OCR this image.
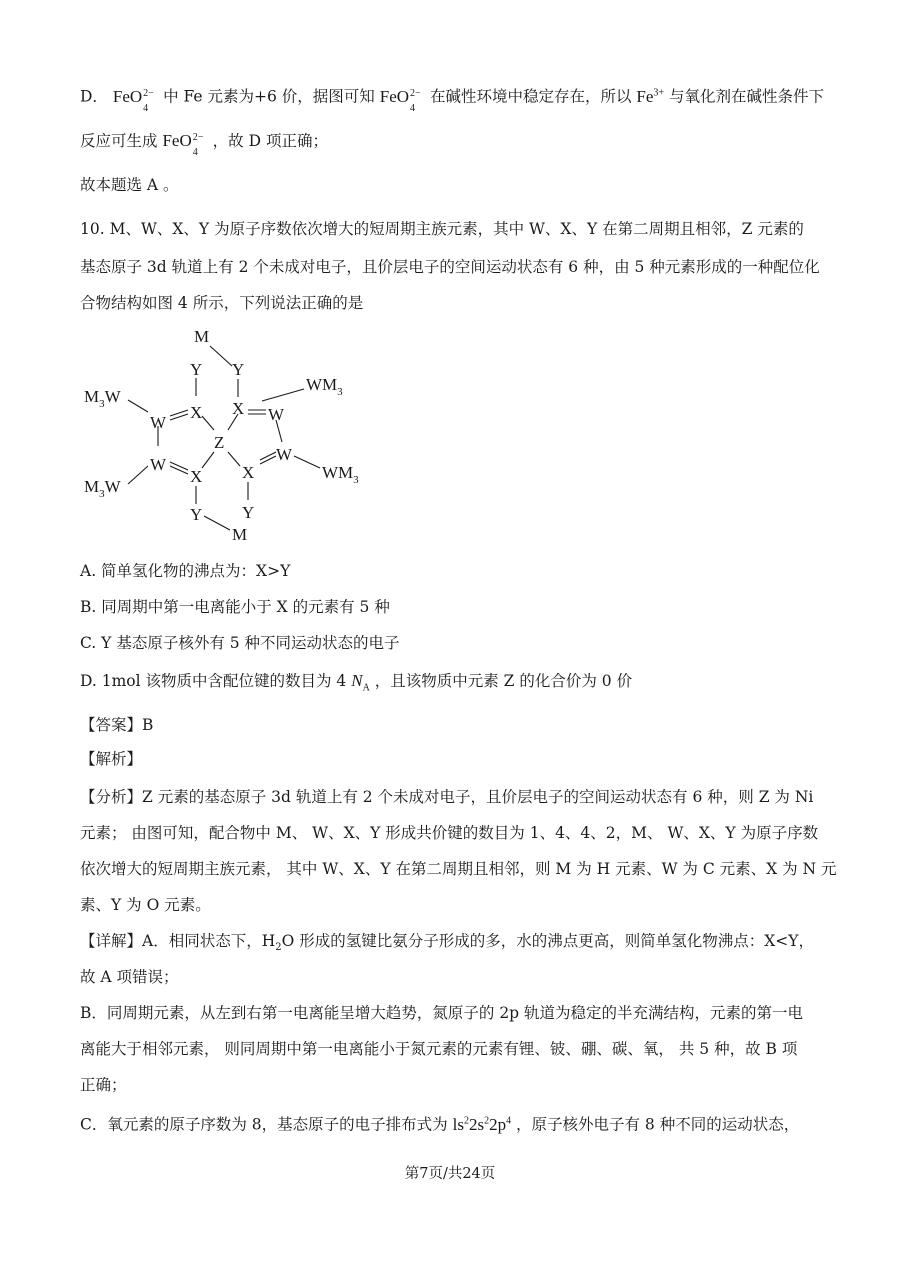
D． FeO 2−
4
中 Fe 元素为+6 价，据图可知 FeO 2−
4
在碱性环境中稳定存在，所以 $Fe^{3+}$ 与氧化剂在碱性条件下
反应可生成 FeO 2−
4
，故 D 项正确；
故本题选 A 。
10. M、W、X、Y 为原子序数依次增大的短周期主族元素，其中 W、X、Y 在第二周期且相邻，Z 元素的
基态原子 3d 轨道上有 2 个未成对电子，且价层电子的空间运动状态有 6 种，由 5 种元素形成的一种配位化
合物结构如图 4 所示，下列说法正确的是
M
Y Y
X X W
W
Z
W
W
X X
Y Y
M
$M_3W$
$M_3W$
$WM_3$
$WM_3$
A. 简单氢化物的沸点为：X>Y
B. 同周期中第一电离能小于 X 的元素有 5 种
C. Y 基态原子核外有 5 种不同运动状态的电子
D. 1mol 该物质中含配位键的数目为 4 $N_A$ ，且该物质中元素 Z 的化合价为 0 价
【答案】B
【解析】
【分析】Z 元素的基态原子 3d 轨道上有 2 个未成对电子，且价层电子的空间运动状态有 6 种，则 Z 为 Ni
元素； 由图可知，配合物中 M、 W、X、Y 形成共价键的数目为 1、4、4、2，M、 W、X、Y 为原子序数
依次增大的短周期主族元素， 其中 W、X、Y 在第二周期且相邻，则 M 为 H 元素、W 为 C 元素、X 为 N 元
素、Y 为 O 元素。
【详解】A．相同状态下，$H_2O$ 形成的氢键比氨分子形成的多，水的沸点更高，则简单氢化物沸点：X<Y，
故 A 项错误；
B．同周期元素，从左到右第一电离能呈增大趋势，氮原子的 2p 轨道为稳定的半充满结构，元素的第一电
离能大于相邻元素， 则同周期中第一电离能小于氮元素的元素有锂、铍、硼、碳、氧， 共 5 种，故 B 项
正确；
C．氧元素的原子序数为 8，基态原子的电子排布式为 $ls^22s^22p^4$ ，原子核外电子有 8 种不同的运动状态，
第7页/共24页
